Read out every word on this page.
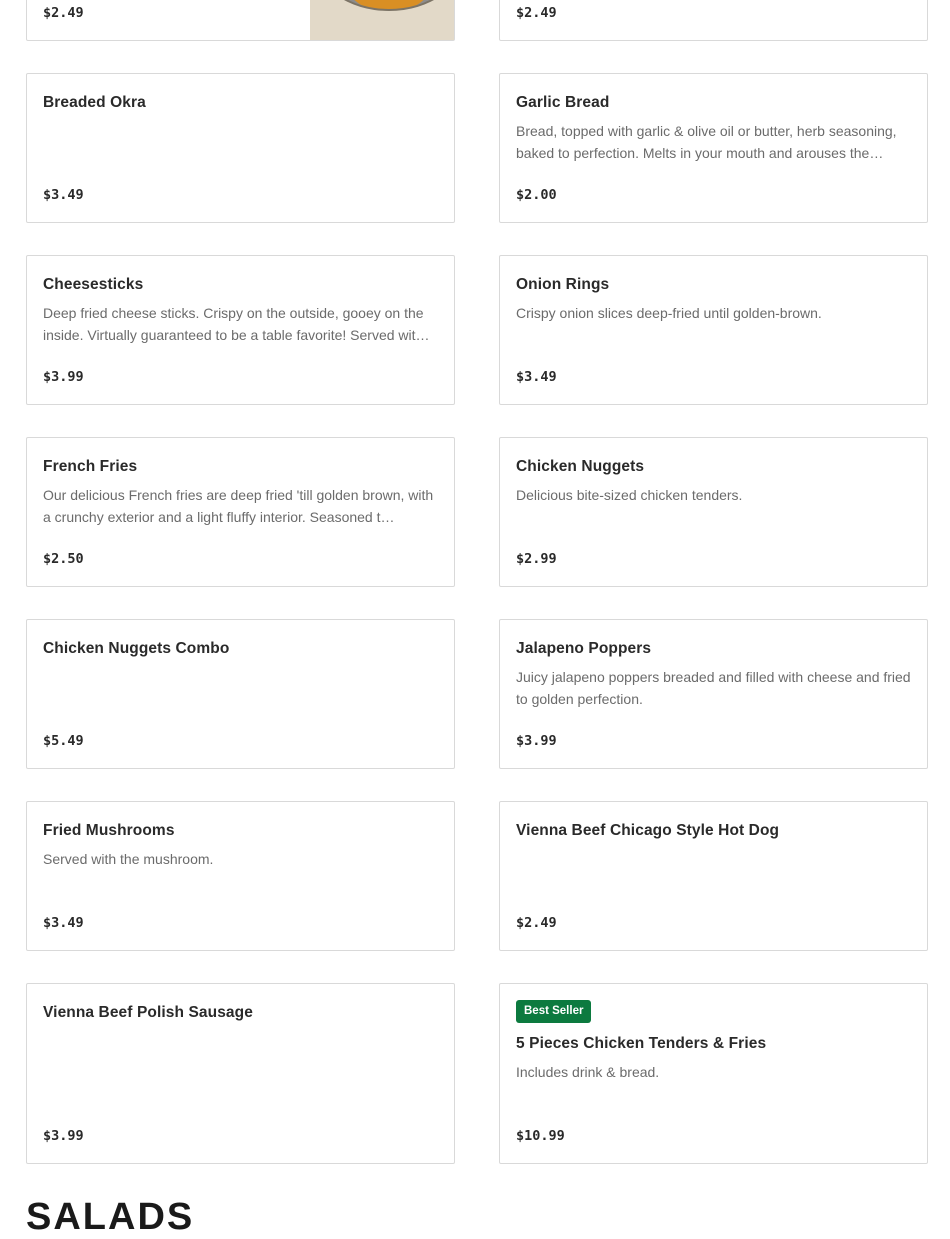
$2.49	$2.49
Breaded Okra
$3.49
Garlic Bread
Bread, topped with garlic & olive oil or butter, herb seasoning, baked to perfection. Melts in your mouth and arouses the…
$2.00
Cheesesticks
Deep fried cheese sticks. Crispy on the outside, gooey on the inside. Virtually guaranteed to be a table favorite! Served wit…
$3.99
Onion Rings
Crispy onion slices deep-fried until golden-brown.
$3.49
French Fries
Our delicious French fries are deep fried 'till golden brown, with a crunchy exterior and a light fluffy interior. Seasoned t…
$2.50
Chicken Nuggets
Delicious bite-sized chicken tenders.
$2.99
Chicken Nuggets Combo
$5.49
Jalapeno Poppers
Juicy jalapeno poppers breaded and filled with cheese and fried to golden perfection.
$3.99
Fried Mushrooms
Served with the mushroom.
$3.49
Vienna Beef Chicago Style Hot Dog
$2.49
Vienna Beef Polish Sausage
$3.99
Best Seller
5 Pieces Chicken Tenders & Fries
Includes drink & bread.
$10.99
SALADS
